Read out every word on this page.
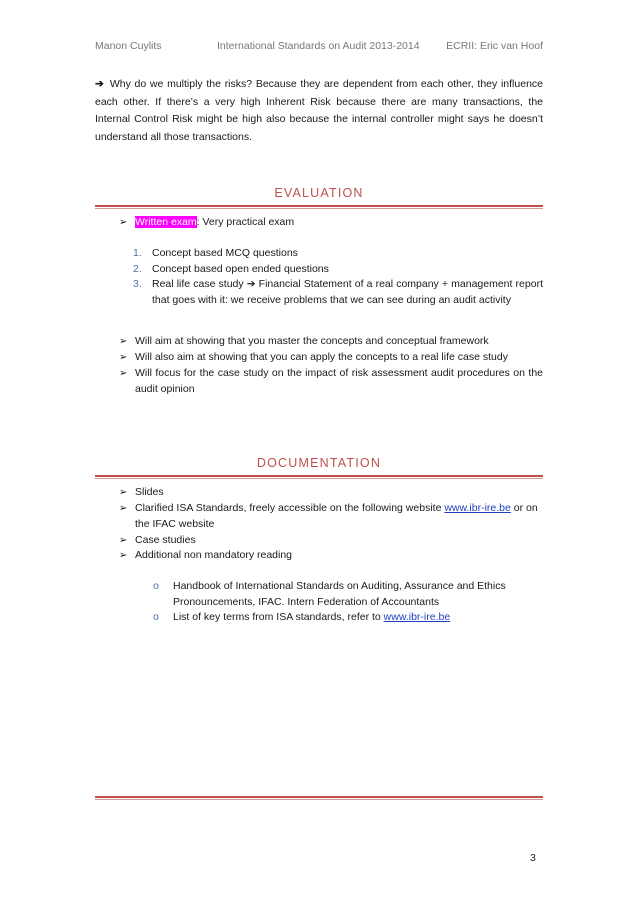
Manon Cuylits	International Standards on Audit 2013-2014	ECRII: Eric van Hoof
➔ Why do we multiply the risks? Because they are dependent from each other, they influence each other. If there’s a very high Inherent Risk because there are many transactions, the Internal Control Risk might be high also because the internal controller might says he doesn’t understand all those transactions.
EVALUATION
➢ Written exam: Very practical exam
1. Concept based MCQ questions
2. Concept based open ended questions
3. Real life case study ➔ Financial Statement of a real company + management report that goes with it: we receive problems that we can see during an audit activity
➢ Will aim at showing that you master the concepts and conceptual framework
➢ Will also aim at showing that you can apply the concepts to a real life case study
➢ Will focus for the case study on the impact of risk assessment audit procedures on the audit opinion
DOCUMENTATION
➢ Slides
➢ Clarified ISA Standards, freely accessible on the following website www.ibr-ire.be or on the IFAC website
➢ Case studies
➢ Additional non mandatory reading
o Handbook of International Standards on Auditing, Assurance and Ethics Pronouncements, IFAC. Intern Federation of Accountants
o List of key terms from ISA standards, refer to www.ibr-ire.be
3
